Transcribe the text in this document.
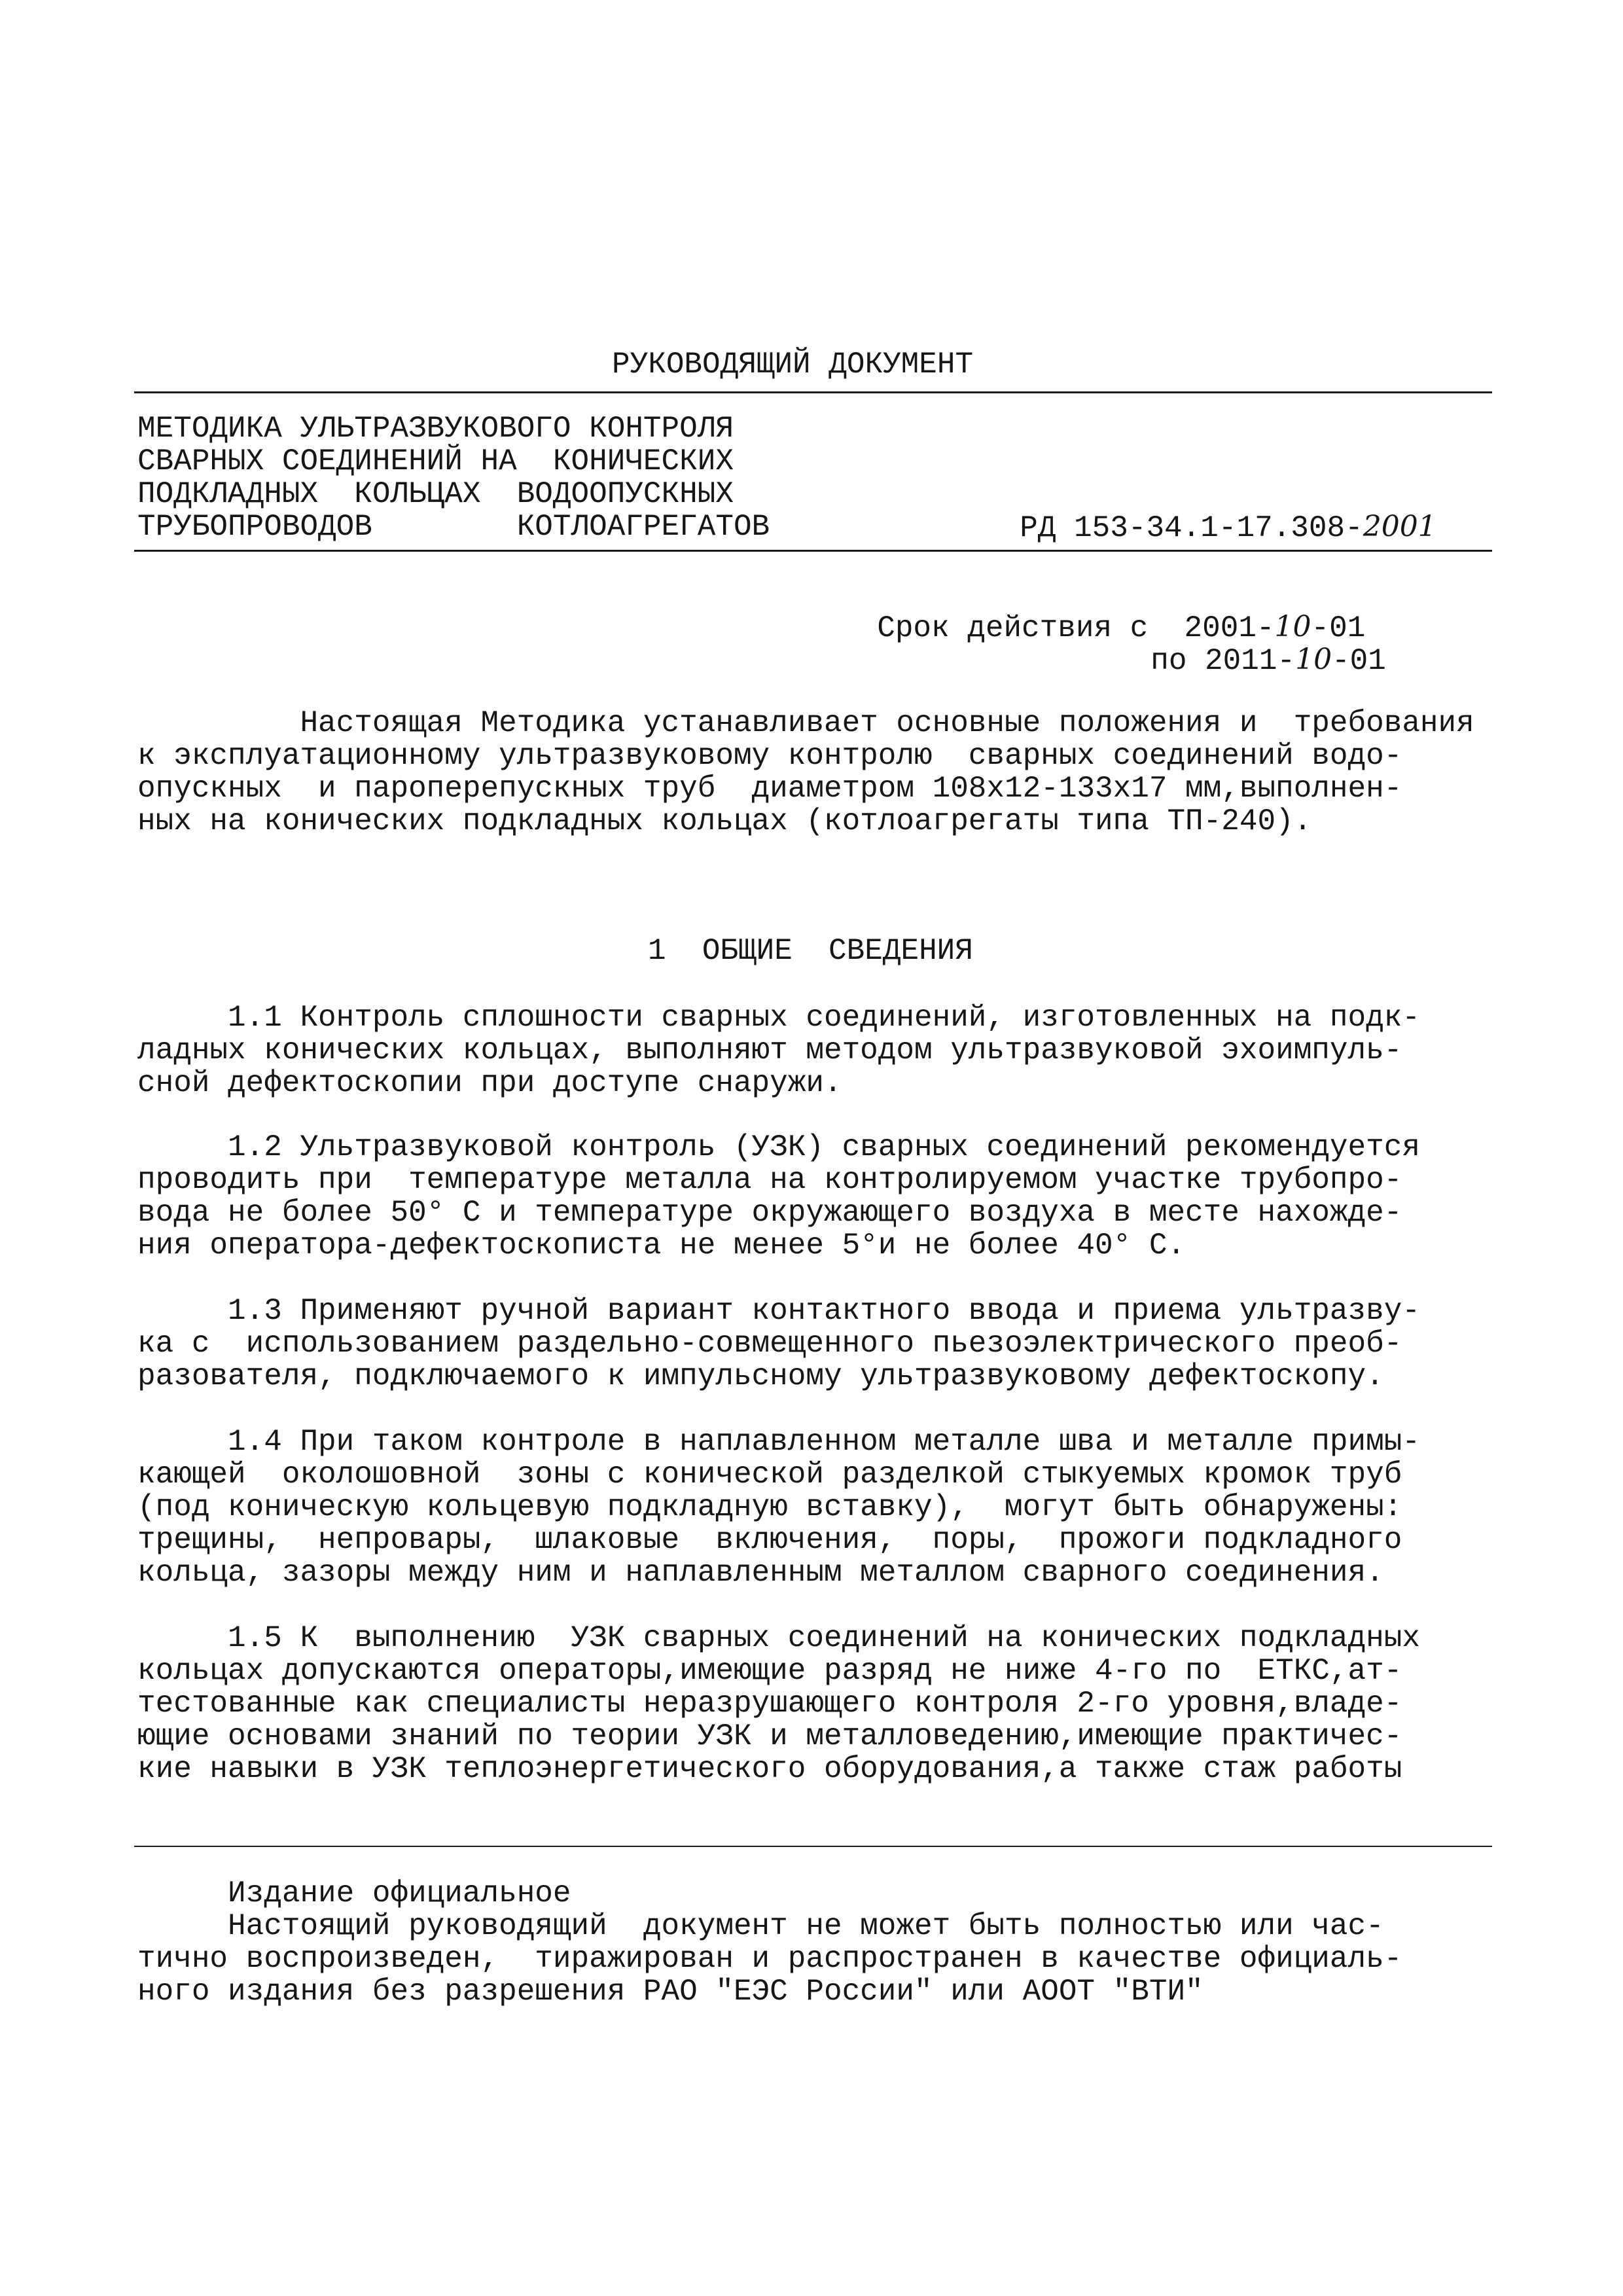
РУКОВОДЯЩИЙ ДОКУМЕНТ
МЕТОДИКА УЛЬТРАЗВУКОВОГО КОНТРОЛЯ
СВАРНЫХ СОЕДИНЕНИЙ НА  КОНИЧЕСКИХ
ПОДКЛАДНЫХ  КОЛЬЦАХ  ВОДООПУСКНЫХ
ТРУБОПРОВОДОВ        КОТЛОАГРЕГАТОВ	РД 153-34.1-17.308-2001

Срок действия с 2001-10-01

по 2011-10-01

Настоящая Методика устанавливает основные положения и  требования
к эксплуатационному ультразвуковому контролю  сварных соединений водо-
опускных  и пароперепускных труб  диаметром 108х12-133х17 мм,выполнен-
ных на конических подкладных кольцах (котлоагрегаты типа ТП-240).
1  ОБЩИЕ  СВЕДЕНИЯ
1.1 Контроль сплошности сварных соединений, изготовленных на подк-
ладных конических кольцах, выполняют методом ультразвуковой эхоимпуль-
сной дефектоскопии при доступе снаружи.
1.2 Ультразвуковой контроль (УЗК) сварных соединений рекомендуется
проводить при  температуре металла на контролируемом участке трубопро-
вода не более 50° С и температуре окружающего воздуха в месте нахожде-
ния оператора-дефектоскописта не менее 5°и не более 40° С.
1.3 Применяют ручной вариант контактного ввода и приема ультразву-
ка с  использованием раздельно-совмещенного пьезоэлектрического преоб-
разователя, подключаемого к импульсному ультразвуковому дефектоскопу.
1.4 При таком контроле в наплавленном металле шва и металле примы-
кающей  околошовной  зоны с конической разделкой стыкуемых кромок труб
(под коническую кольцевую подкладную вставку),  могут быть обнаружены:
трещины,  непровары,  шлаковые  включения,  поры,  прожоги подкладного
кольца, зазоры между ним и наплавленным металлом сварного соединения.
1.5 К  выполнению  УЗК сварных соединений на конических подкладных
кольцах допускаются операторы,имеющие разряд не ниже 4-го по  ЕТКС,ат-
тестованные как специалисты неразрушающего контроля 2-го уровня,владе-
ющие основами знаний по теории УЗК и металловедению,имеющие практичес-
кие навыки в УЗК теплоэнергетического оборудования,а также стаж работы
Издание официальное
Настоящий руководящий  документ не может быть полностью или час-
тично воспроизведен,  тиражирован и распространен в качестве официаль-
ного издания без разрешения РАО "ЕЭС России" или АООТ "ВТИ"
